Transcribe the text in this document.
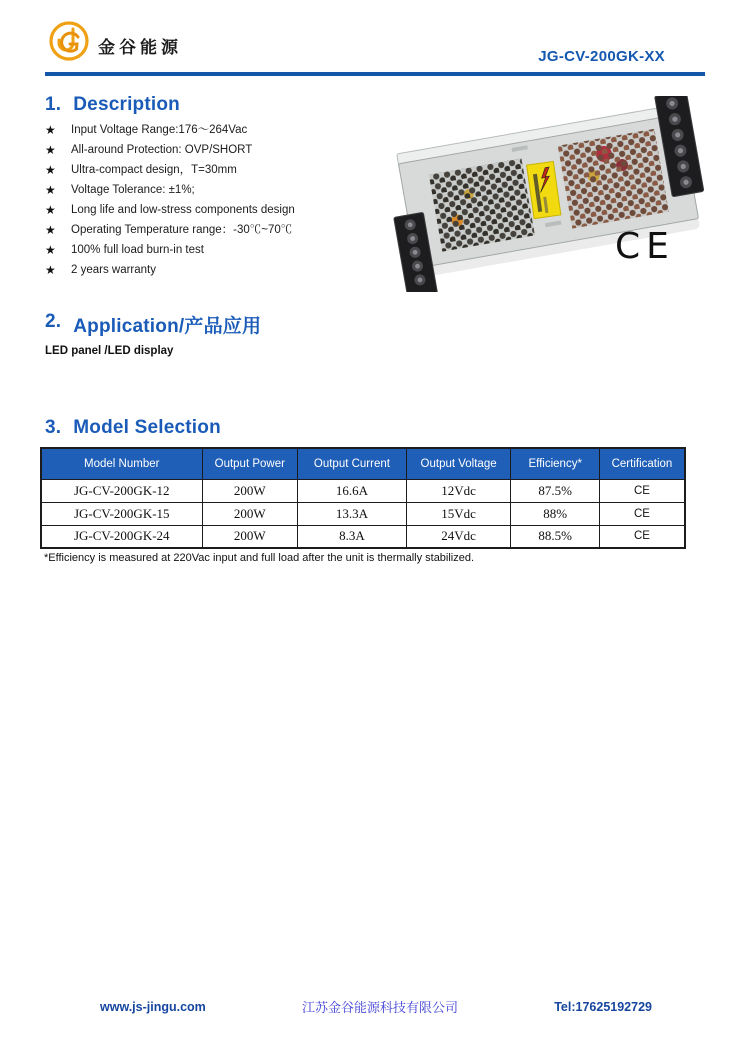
金谷能源	JG-CV-200GK-XX
1. Description
★	Input Voltage Range:176～264Vac
★	All-around Protection: OVP/SHORT
★	Ultra-compact design，T=30mm
★	Voltage Tolerance: ±1%;
★	Long life and low-stress components design
★	Operating Temperature range：-30℃~70℃
★	100% full load burn-in test
★	2 years warranty
CE
2. Application/产品应用
LED panel /LED display
3. Model Selection
Model Number	Output Power	Output Current	Output Voltage	Efficiency*	Certification
JG-CV-200GK-12	200W	16.6A	12Vdc	87.5%	CE
JG-CV-200GK-15	200W	13.3A	15Vdc	88%	CE
JG-CV-200GK-24	200W	8.3A	24Vdc	88.5%	CE
*Efficiency is measured at 220Vac input and full load after the unit is thermally stabilized.
www.js-jingu.com	江苏金谷能源科技有限公司	Tel:17625192729
